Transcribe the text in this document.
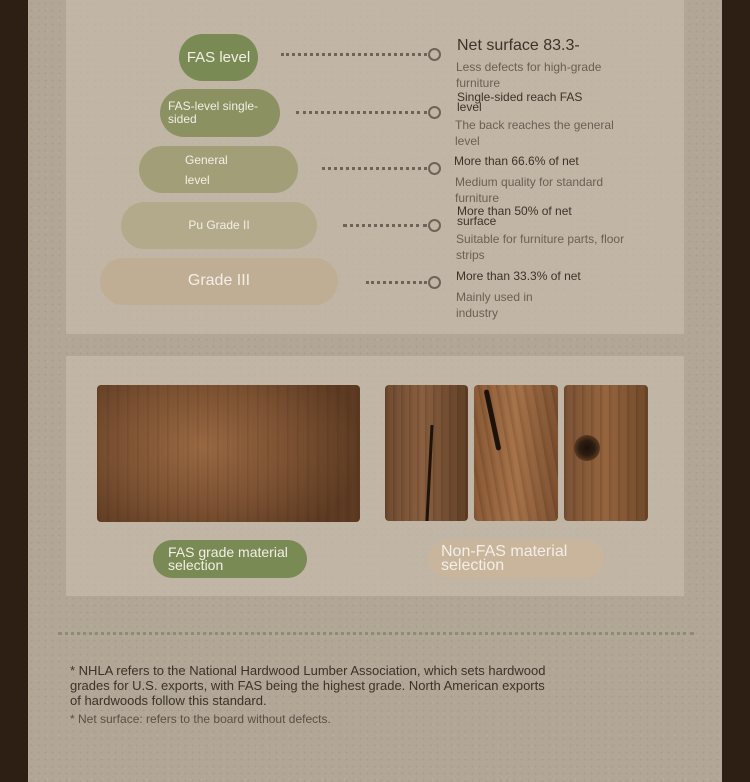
FAS level
FAS-level single-sided
General level
Pu Grade II
Grade III
Net surface 83.3-
Less defects for high-grade furniture
Single-sided reach FAS level
The back reaches the general level
More than 66.6% of net
Medium quality for standard furniture
More than 50% of net surface
Suitable for furniture parts, floor strips
More than 33.3% of net
Mainly used in industry
FAS grade material selection
Non-FAS material selection
* NHLA refers to the National Hardwood Lumber Association, which sets hardwood grades for U.S. exports, with FAS being the highest grade. North American exports of hardwoods follow this standard.
* Net surface: refers to the board without defects.
